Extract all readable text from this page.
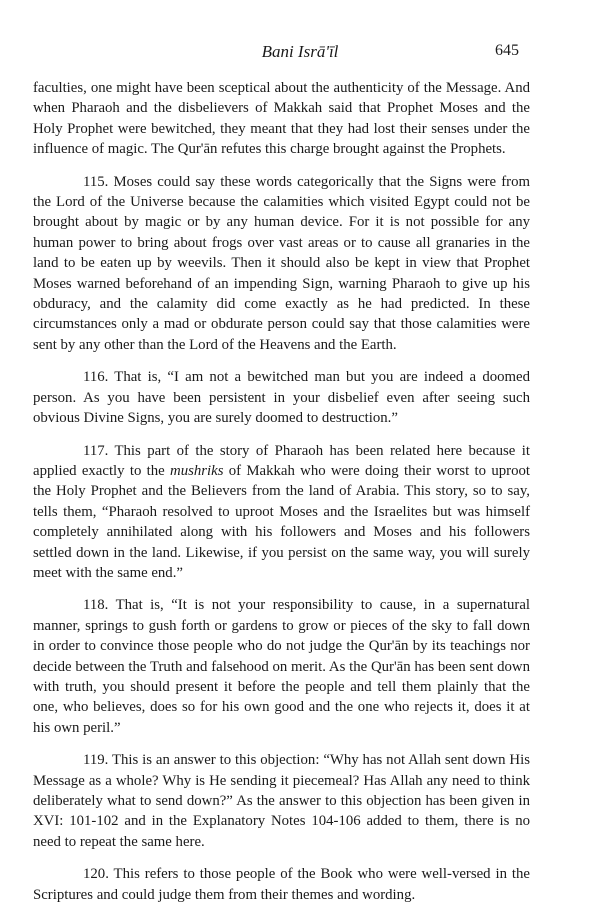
Bani Isrā'īl	645

faculties, one might have been sceptical about the authenticity of the Message. And when Pharaoh and the disbelievers of Makkah said that Prophet Moses and the Holy Prophet were bewitched, they meant that they had lost their senses under the influence of magic. The Qur'ān refutes this charge brought against the Prophets.

115. Moses could say these words categorically that the Signs were from the Lord of the Universe because the calamities which visited Egypt could not be brought about by magic or by any human device. For it is not possible for any human power to bring about frogs over vast areas or to cause all granaries in the land to be eaten up by weevils. Then it should also be kept in view that Prophet Moses warned beforehand of an impending Sign, warning Pharaoh to give up his obduracy, and the calamity did come exactly as he had predicted. In these circumstances only a mad or obdurate person could say that those calamities were sent by any other than the Lord of the Heavens and the Earth.

116. That is, “I am not a bewitched man but you are indeed a doomed person. As you have been persistent in your disbelief even after seeing such obvious Divine Signs, you are surely doomed to destruction.”

117. This part of the story of Pharaoh has been related here because it applied exactly to the mushriks of Makkah who were doing their worst to uproot the Holy Prophet and the Believers from the land of Arabia. This story, so to say, tells them, “Pharaoh resolved to uproot Moses and the Israelites but was himself completely annihilated along with his followers and Moses and his followers settled down in the land. Likewise, if you persist on the same way, you will surely meet with the same end.”

118. That is, “It is not your responsibility to cause, in a supernatural manner, springs to gush forth or gardens to grow or pieces of the sky to fall down in order to convince those people who do not judge the Qur'ān by its teachings nor decide between the Truth and falsehood on merit. As the Qur'ān has been sent down with truth, you should present it before the people and tell them plainly that the one, who believes, does so for his own good and the one who rejects it, does it at his own peril.”

119. This is an answer to this objection: “Why has not Allah sent down His Message as a whole? Why is He sending it piecemeal? Has Allah any need to think deliberately what to send down?” As the answer to this objection has been given in XVI: 101-102 and in the Explanatory Notes 104-106 added to them, there is no need to repeat the same here.

120. This refers to those people of the Book who were well-versed in the Scriptures and could judge them from their themes and wording.
